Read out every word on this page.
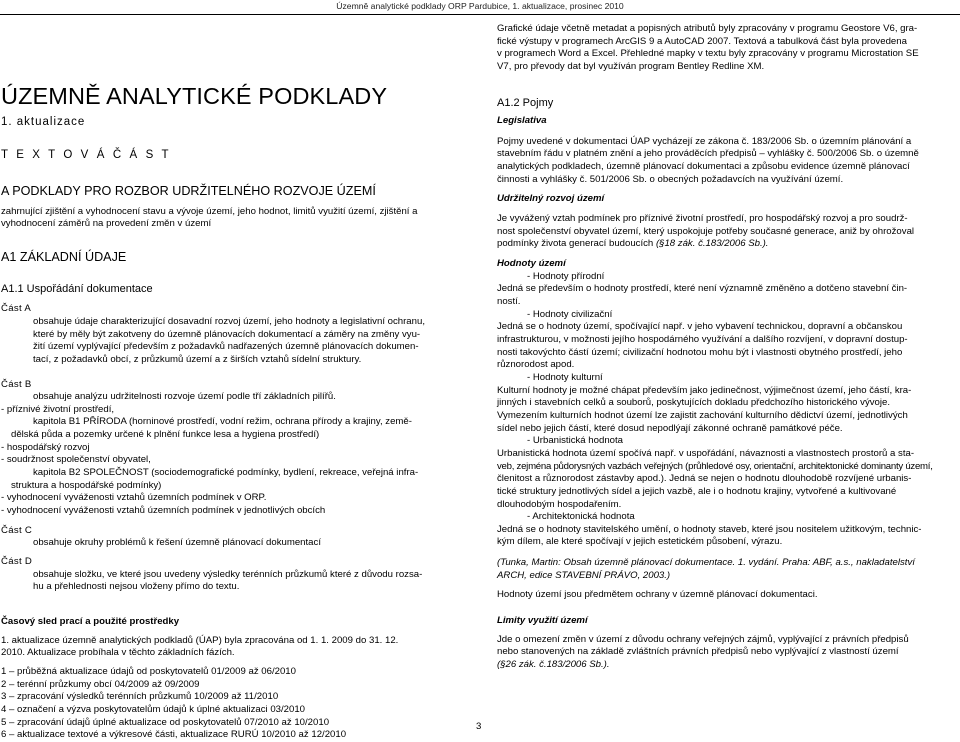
Územně analytické podklady ORP Pardubice, 1. aktualizace, prosinec 2010
ÚZEMNĚ ANALYTICKÉ PODKLADY
1. aktualizace
T E X T O V Á Č Á S T
A PODKLADY PRO ROZBOR UDRŽITELNÉHO ROZVOJE ÚZEMÍ
zahrnující zjištění a vyhodnocení stavu a vývoje území, jeho hodnot, limitů využití území, zjištění a
vyhodnocení záměrů na provedení změn v území
A1 ZÁKLADNÍ ÚDAJE
A1.1 Uspořádání dokumentace
Část A
obsahuje údaje charakterizující dosavadní rozvoj území, jeho hodnoty a legislativní ochranu,
které by měly být zakotveny do územně plánovacích dokumentací a záměry na změny vyu-
žití území vyplývající především z požadavků nadřazených územně plánovacích dokumen-
tací, z požadavků obcí, z průzkumů území a z širších vztahů sídelní struktury.
Část B
obsahuje analýzu udržitelnosti rozvoje území podle tří základních pilířů.
- příznivé životní prostředí,
kapitola B1 PŘÍRODA (horninové prostředí, vodní režim, ochrana přírody a krajiny, země-
dělská půda a pozemky určené k plnění funkce lesa a hygiena prostředí)
- hospodářský rozvoj
- soudržnost společenství obyvatel,
kapitola B2 SPOLEČNOST (sociodemografické podmínky, bydlení, rekreace, veřejná infra-
struktura a hospodářské podmínky)
- vyhodnocení vyváženosti vztahů územních podmínek v ORP.
- vyhodnocení vyváženosti vztahů územních podmínek v jednotlivých obcích
Část C
obsahuje okruhy problémů k řešení územně plánovací dokumentací
Část D
obsahuje složku, ve které jsou uvedeny výsledky terénních průzkumů které z důvodu rozsa-
hu a přehlednosti nejsou vloženy přímo do textu.
Časový sled prací a použité prostředky
1. aktualizace územně analytických podkladů (ÚAP) byla zpracována od 1. 1. 2009 do 31. 12.
2010. Aktualizace probíhala v těchto základních fázích.
1 – průběžná aktualizace údajů od poskytovatelů 01/2009 až 06/2010
2 – terénní průzkumy obcí 04/2009 až 09/2009
3 – zpracování výsledků terénních průzkumů 10/2009 až 11/2010
4 – označení a výzva poskytovatelům údajů k úplné aktualizaci 03/2010
5 – zpracování údajů úplné aktualizace od poskytovatelů 07/2010 až 10/2010
6 – aktualizace textové a výkresové části, aktualizace RURÚ 10/2010 až 12/2010
Grafické údaje včetně metadat a popisných atributů byly zpracovány v programu Geostore V6, gra-
fické výstupy v programech ArcGIS 9 a AutoCAD 2007. Textová a tabulková část byla provedena
v programech Word a Excel. Přehledné mapky v textu byly zpracovány v programu Microstation SE
V7, pro převody dat byl využíván program Bentley Redline XM.
A1.2 Pojmy
Legislativa
Pojmy uvedené v dokumentaci ÚAP vycházejí ze zákona č. 183/2006 Sb. o územním plánování a
stavebním řádu v platném znění a jeho prováděcích předpisů – vyhlášky č. 500/2006 Sb. o územně
analytických podkladech, územně plánovací dokumentaci a způsobu evidence územně plánovací
činnosti a vyhlášky č. 501/2006 Sb. o obecných požadavcích na využívání území.
Udržitelný rozvoj území
Je vyvážený vztah podmínek pro příznivé životní prostředí, pro hospodářský rozvoj a pro soudrž-
nost společenství obyvatel území, který uspokojuje potřeby současné generace, aniž by ohrožoval
podmínky života generací budoucích (§18 zák. č.183/2006 Sb.).
Hodnoty území
- Hodnoty přírodní
Jedná se především o hodnoty prostředí, které není významně změněno a dotčeno stavební čin-
ností.
- Hodnoty civilizační
Jedná se o hodnoty území, spočívající např. v jeho vybavení technickou, dopravní a občanskou
infrastrukturou, v možnosti jejího hospodárného využívání a dalšího rozvíjení, v dopravní dostup-
nosti takovýchto částí území; civilizační hodnotou mohu být i vlastnosti obytného prostředí, jeho
různorodost apod.
- Hodnoty kulturní
Kulturní hodnoty je možné chápat především jako jedinečnost, výjimečnost území, jeho částí, kra-
jinných i stavebních celků a souborů, poskytujících dokladu předchozího historického vývoje.
Vymezením kulturních hodnot území lze zajistit zachování kulturního dědictví území, jednotlivých
sídel nebo jejich částí, které dosud nepodlýají zákonné ochraně památkové péče.
- Urbanistická hodnota
Urbanistická hodnota území spočívá např. v uspořádání, návaznosti a vlastnostech prostorů a sta-
veb, zejména půdorysných vazbách veřejných (průhledové osy, orientační, architektonické dominanty území,
členitost a různorodost zástavby apod.). Jedná se nejen o hodnotu dlouhodobě rozvíjené urbanis-
tické struktury jednotlivých sídel a jejich vazbě, ale i o hodnotu krajiny, vytvořené a kultivované
dlouhodobým hospodařením.
- Architektonická hodnota
Jedná se o hodnoty stavitelského umění, o hodnoty staveb, které jsou nositelem užitkovým, technic-
kým dílem, ale které spočívají v jejich estetickém působení, výrazu.
(Tunka, Martin: Obsah územně plánovací dokumentace. 1. vydání. Praha: ABF, a.s., nakladatelství
ARCH, edice STAVEBNÍ PRÁVO, 2003.)
Hodnoty území jsou předmětem ochrany v územně plánovací dokumentaci.
Limity využití území
Jde o omezení změn v území z důvodu ochrany veřejných zájmů, vyplývající z právních předpisů
nebo stanovených na základě zvláštních právních předpisů nebo vyplývající z vlastností území
(§26 zák. č.183/2006 Sb.).
3
